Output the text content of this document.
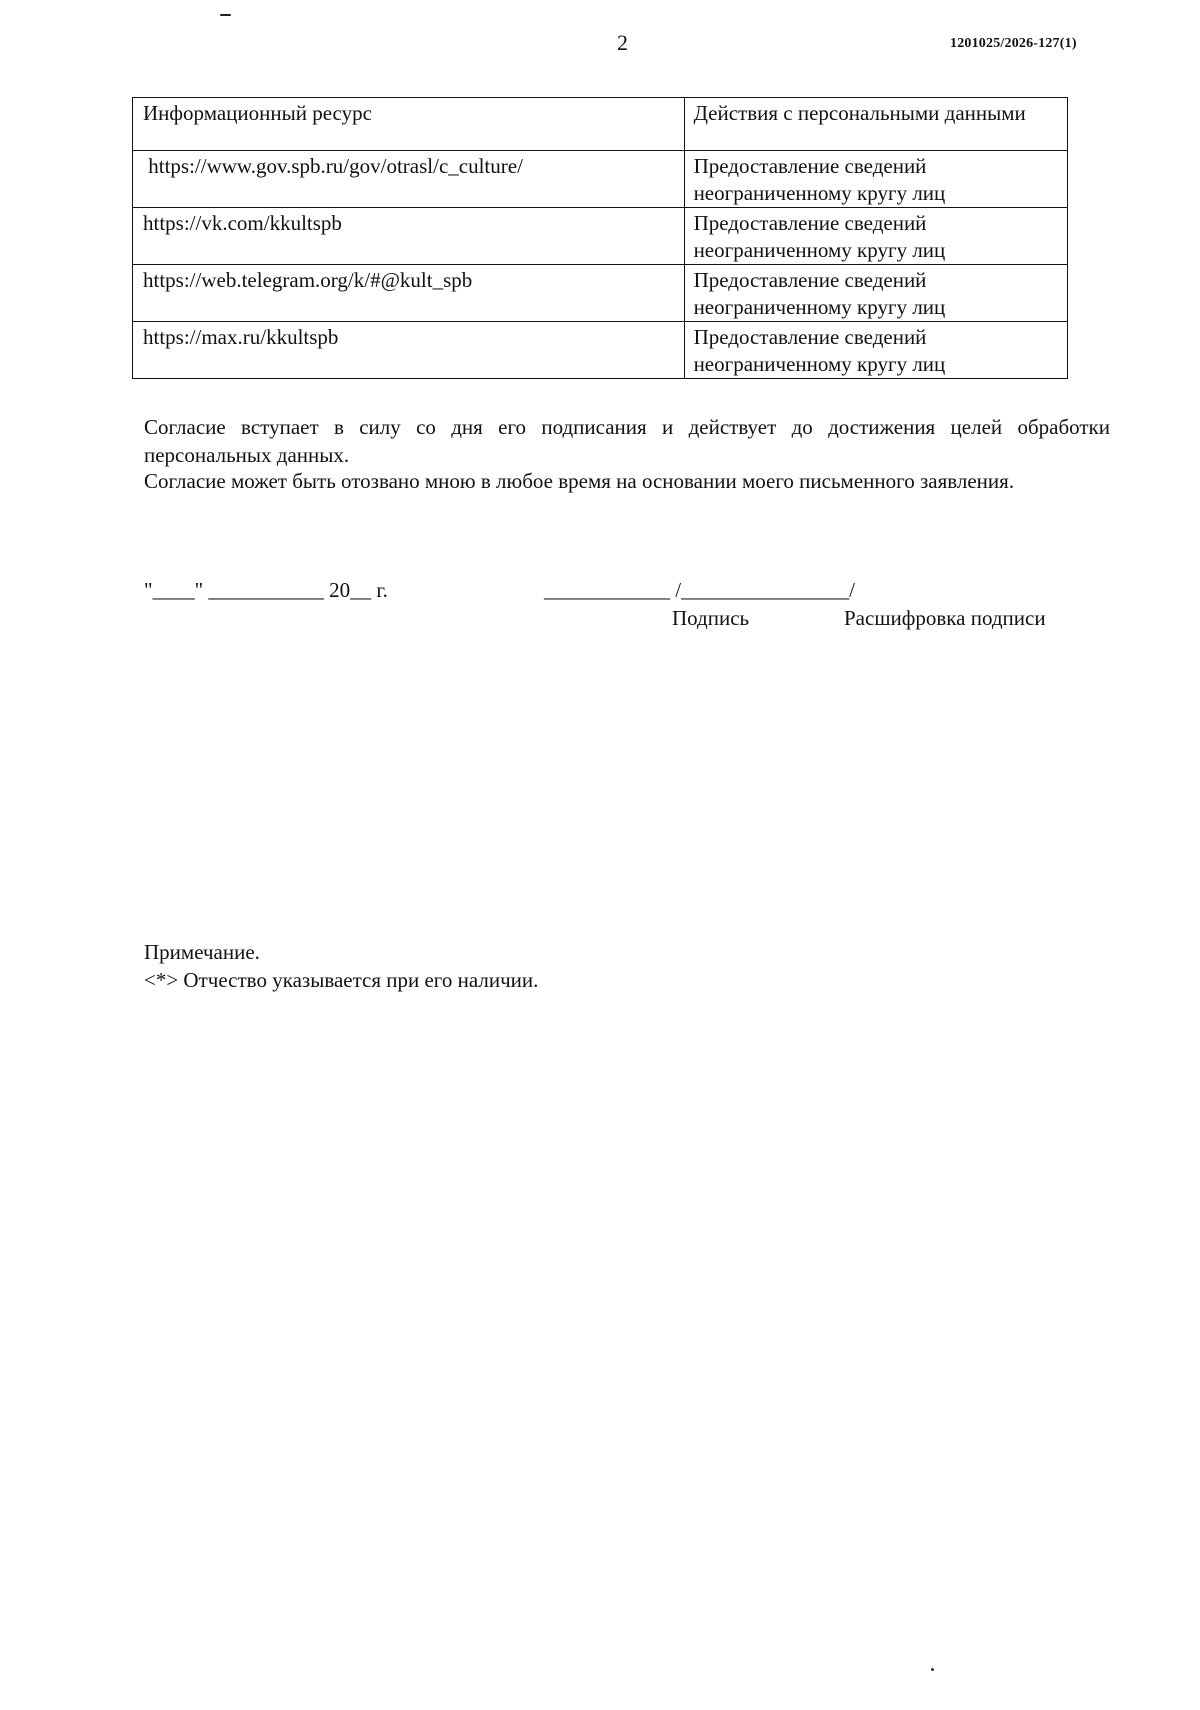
2	1201025/2026-127(1)
Информационный ресурс	Действия с персональными данными
https://www.gov.spb.ru/gov/otrasl/c_culture/	Предоставление сведений неограниченному кругу лиц
https://vk.com/kkultspb	Предоставление сведений неограниченному кругу лиц
https://web.telegram.org/k/#@kult_spb	Предоставление сведений неограниченному кругу лиц
https://max.ru/kkultspb	Предоставление сведений неограниченному кругу лиц
Согласие вступает в силу со дня его подписания и действует до достижения целей обработки персональных данных.
Согласие может быть отозвано мною в любое время на основании моего письменного заявления.
"____" ___________ 20__ г.	____________ /________________/
Подпись	Расшифровка подписи
Примечание.
<*> Отчество указывается при его наличии.
